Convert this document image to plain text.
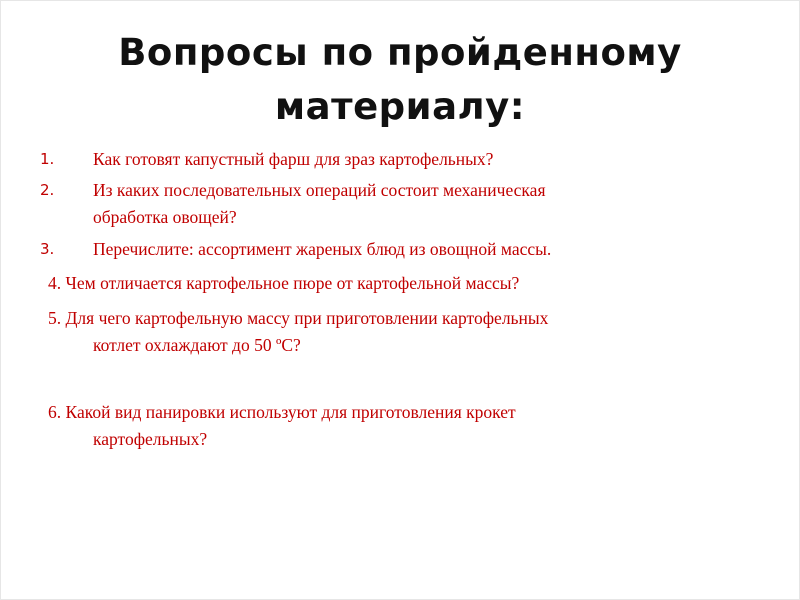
Вопросы по пройденному
материалу:
1. Как готовят капустный фарш для зраз картофельных?
2. Из каких последовательных операций состоит механическая
обработка овощей?
3. Перечислите: ассортимент жареных блюд из овощной массы.
4. Чем отличается картофельное пюре от картофельной массы?
5. Для чего картофельную массу при приготовлении картофельных
котлет охлаждают до 50 ºС?
6. Какой вид панировки используют для приготовления крокет
картофельных?
